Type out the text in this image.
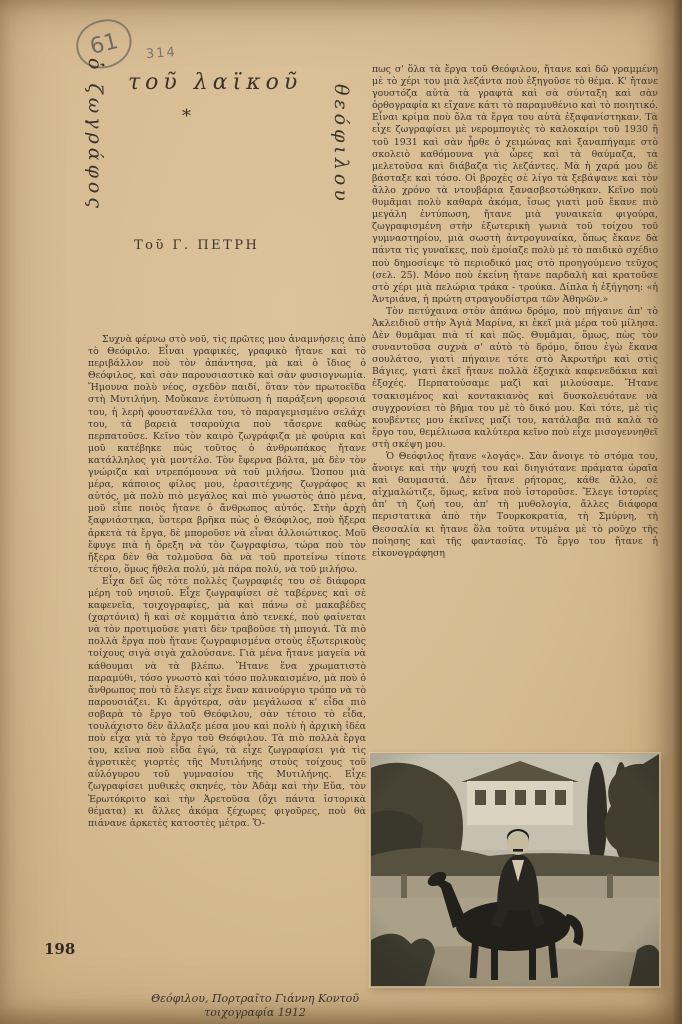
61 314
ὁ ζωγράφος τοῦ λαϊκοῦ
*	θεόφιλου
Τοῦ Γ. ΠΕΤΡΗ

Συχνὰ φέρνω στὸ νοῦ, τὶς πρῶτες μου ἀναμνήσεις ἀπὸ τὸ Θεόφιλο. Εἶναι γραφικές, γραφικὸ ἤτανε καὶ τὸ περιβάλλον ποὺ τὸν ἀπάντησα, μὰ καὶ ὁ ἴδιος ὁ Θεόφιλος, καὶ σὰν παρουσιαστικὸ καὶ σὰν φυσιογνωμία. Ἤμουνα πολὺ νέος, σχεδὸν παιδί, ὅταν τὸν πρωτοεῖδα στὴ Μυτιλήνη. Μοὔκανε ἐντύπωση ἡ παράξενη φορεσιά του, ἡ λερὴ φουστανέλλα του, τὸ παραγεμισμένο σελάχι του, τὰ βαρειὰ τσαρούχια ποὺ τἄσερνε καθὼς περπατοῦσε. Κεῖνο τὸν καιρὸ ζωγράφιζα μὲ φούρια καὶ μοῦ κατέβηκε πὼς τοῦτος ὁ ἀνθρωπάκος ἤτανε κατάλληλος γιὰ μοντέλο. Τὸν ἔφερνα βόλτα, μὰ δὲν τὸν γνώριζα καὶ ντρεπόμουνα νὰ τοῦ μιλήσω. Ὥσπου μιὰ μέρα, κάποιος φίλος μου, ἐρασιτέχνης ζωγράφος κι αὐτός, μὰ πολὺ πιὸ μεγάλος καὶ πιὸ γνωστὸς ἀπὸ μένα, μοῦ εἶπε ποιὸς ἤτανε ὁ ἄνθρωπος αὐτός. Στὴν ἀρχὴ ξαφνιάστηκα, ὕστερα βρῆκα πὼς ὁ Θεόφιλος, ποὺ ἤξερα ἀρκετὰ τὰ ἔργα, δὲ μποροῦσε νὰ εἶναι ἀλλοιώτικος. Μοῦ ἔφυγε πιὰ ἡ ὄρεξη νὰ τὸν ζωγραφίσω, τώρα ποὺ τὸν ἤξερα δὲν θὰ τολμοῦσα δὰ νὰ τοῦ προτείνω τίποτε τέτοιο, ὅμως ἤθελα πολύ, μὰ πάρα πολύ, νὰ τοῦ μιλήσω.

Εἶχα δεῖ ὣς τότε πολλὲς ζωγραφιές του σὲ διάφορα μέρη τοῦ νησιοῦ. Εἶχε ζωγραφίσει σὲ ταβέρνες καὶ σὲ καφενεῖα, τοιχογραφίες, μὰ καὶ πάνω σὲ μακαβέδες (χαρτόνια) ἢ καὶ σὲ κομμάτια ἀπὸ τενεκέ, ποὺ φαίνεται νὰ τὸν προτιμοῦσε γιατὶ δὲν τραβοῦσε τὴ μπογιά. Τὰ πιὸ πολλὰ ἔργα ποὺ ἤτανε ζωγραφισμένα στοὺς ἐξωτερικοὺς τοίχους σιγὰ σιγὰ χαλούσανε. Γιὰ μένα ἤτανε μαγεία νὰ κάθουμαι νὰ τὰ βλέπω. Ἤτανε ἕνα χρωματιστὸ παραμύθι, τόσο γνωστὸ καὶ τόσο πολυκαισμένο, μὰ ποὺ ὁ ἄνθρωπος ποὺ τὸ ἔλεγε εἶχε ἕναν καινούργιο τρόπο νὰ τὸ παρουσιάζει. Κι ἀργότερα, σὰν μεγάλωσα κ' εἶδα πιὸ σοβαρὰ τὸ ἔργο τοῦ Θεόφιλου, σὰν τέτοιο τὸ εἶδα, τουλάχιστο δὲν ἄλλαξε μέσα μου καὶ πολὺ ἡ ἀρχικὴ ἰδέα ποὺ εἶχα γιὰ τὸ ἔργο τοῦ Θεόφιλου. Τὰ πιὸ πολλὰ ἔργα του, κεῖνα ποὺ εἶδα ἐγώ, τὰ εἶχε ζωγραφίσει γιὰ τὶς ἀγροτικὲς γιορτὲς τῆς Μυτιλήνης στοὺς τοίχους τοῦ αὐλόγυρου τοῦ γυμνασίου τῆς Μυτιλήνης. Εἶχε ζωγραφίσει μυθικὲς σκηνές, τὸν Ἀδὰμ καὶ τὴν Εὔα, τὸν Ἐρωτόκριτο καὶ τὴν Ἀρετοῦσα (ὄχι πάντα ἱστορικὰ θέματα) κι ἄλλες ἀκόμα ξέχωρες φιγοῦρες, ποὺ θὰ πιάνανε ἀρκετὲς κατοστὲς μέτρα. Ὅ-

πως σ' ὅλα τὰ ἔργα τοῦ Θεόφιλου, ἤτανε καὶ δῶ γραμμένη μὲ τὸ χέρι του μιὰ λεζάντα ποὺ ἐξηγοῦσε τὸ θέμα. Κ' ἤτανε γουστόζα αὐτὰ τὰ γραφτὰ καὶ σὰ σύνταξη καὶ σὰν ὀρθογραφία κι εἴχανε κάτι τὸ παραμυθένιο καὶ τὸ ποιητικό. Εἶναι κρίμα ποὺ ὅλα τὰ ἔργα του αὐτὰ ἐξαφανίστηκαν. Τὰ εἶχε ζωγραφίσει μὲ νερομπογιὲς τὸ καλοκαίρι τοῦ 1930 ἢ τοῦ 1931 καὶ σὰν ἦρθε ὁ χειμώνας καὶ ξαναπήγαμε στὸ σκολειὸ καθόμουνα γιὰ ὧρες καὶ τὰ θαύμαζα, τὰ μελετοῦσα καὶ διάβαζα τὶς λεζάντες. Μὰ ἡ χαρά μου δὲ βάσταξε καὶ τόσο. Οἱ βροχὲς σὲ λίγο τὰ ξεβάψανε καὶ τὸν ἄλλο χρόνο τὰ ντουβάρια ξανασβεστώθηκαν. Κεῖνο ποὺ θυμᾶμαι πολὺ καθαρὰ ἀκόμα, ἴσως γιατὶ μοῦ ἔκανε πιὸ μεγάλη ἐντύπωση, ἤτανε μιὰ γυναικεία φιγούρα, ζωγραφισμένη στὴν ἐξωτερικὴ γωνιὰ τοῦ τοίχου τοῦ γυμναστηρίου, μιὰ σωστὴ ἀντρογυναίκα, ὅπως ἔκανε δὰ πάντα τὶς γυναῖκες, ποὺ ἐμοίαζε πολὺ μὲ τὸ παιδικὸ σχέδιο ποὺ δημοσίεψε τὸ περιοδικό μας στὸ προηγούμενο τεῦχος (σελ. 25). Μόνο ποὺ ἐκείνη ἤτανε παρδαλὴ καὶ κρατοῦσε στὸ χέρι μιὰ πελώρια τράκα - τρούκα. Δίπλα ἡ ἐξήγηση: «ἡ Ἀντριάνα, ἡ πρώτη στραγουδίστρα τῶν Ἀθηνῶν.»

Τὸν πετύχαινα στὸν ἀπάνω δρόμο, ποὺ πήγαινε ἀπ' τὸ Ἀκλειδιοῦ στὴν Ἁγιὰ Μαρίνα, κι ἐκεῖ μιὰ μέρα τοῦ μίλησα. Δὲν θυμᾶμαι πιὰ τί καὶ πῶς. Θυμᾶμαι, ὅμως, πὼς τὸν συναντοῦσα συχνὰ σ' αὐτὸ τὸ δρόμο, ὅπου ἐγὼ ἔκανα σουλάτσο, γιατὶ πήγαινε τότε στὸ Ἀκρωτήρι καὶ στὶς Βάγιες, γιατὶ ἐκεῖ ἤτανε πολλὰ ἐξοχικὰ καφενεδάκια καὶ ἐξοχές. Περπατούσαμε μαζὶ καὶ μιλούσαμε. Ἤτανε τσακισμένος καὶ κοντακιανὸς καὶ δυσκολευότανε νὰ συγχρονίσει τὸ βῆμα του μὲ τὸ δικό μου. Καὶ τότε, μὲ τὶς κουβέντες μου ἐκεῖνες μαζί του, κατάλαβα πιὰ καλὰ τὸ ἔργο του, θεμέλιωσα καλύτερα κεῖνο ποὺ εἶχε μισογεννηθεῖ στὴ σκέψη μου.

Ὁ Θεόφιλος ἤτανε «λογάς». Σὰν ἄνοιγε τὸ στόμα του, ἄνοιγε καὶ τὴν ψυχή του καὶ διηγιότανε πράματα ὡραῖα καὶ θαυμαστά. Δὲν ἤτανε ρήτορας, κάθε ἄλλο, σὲ αἰχμαλώτιζε, ὅμως, κεῖνα ποὺ ἱστοροῦσε. Ἔλεγε ἱστορίες ἀπ' τὴ ζωή του, ἀπ' τὴ μυθολογία, ἄλλες διάφορα περιστατικὰ ἀπὸ τὴν Τουρκοκρατία, τὴ Σμύρνη, τὴ Θεσσαλία κι ἤτανε ὅλα τοῦτα ντυμένα μὲ τὸ ροῦχο τῆς ποίησης καὶ τῆς φαντασίας. Τὸ ἔργο του ἤτανε ἡ εἰκονογράφηση

Θεόφιλου, Πορτραῖτο Γιάννη Κοντοῦ
τοιχογραφία 1912
198
